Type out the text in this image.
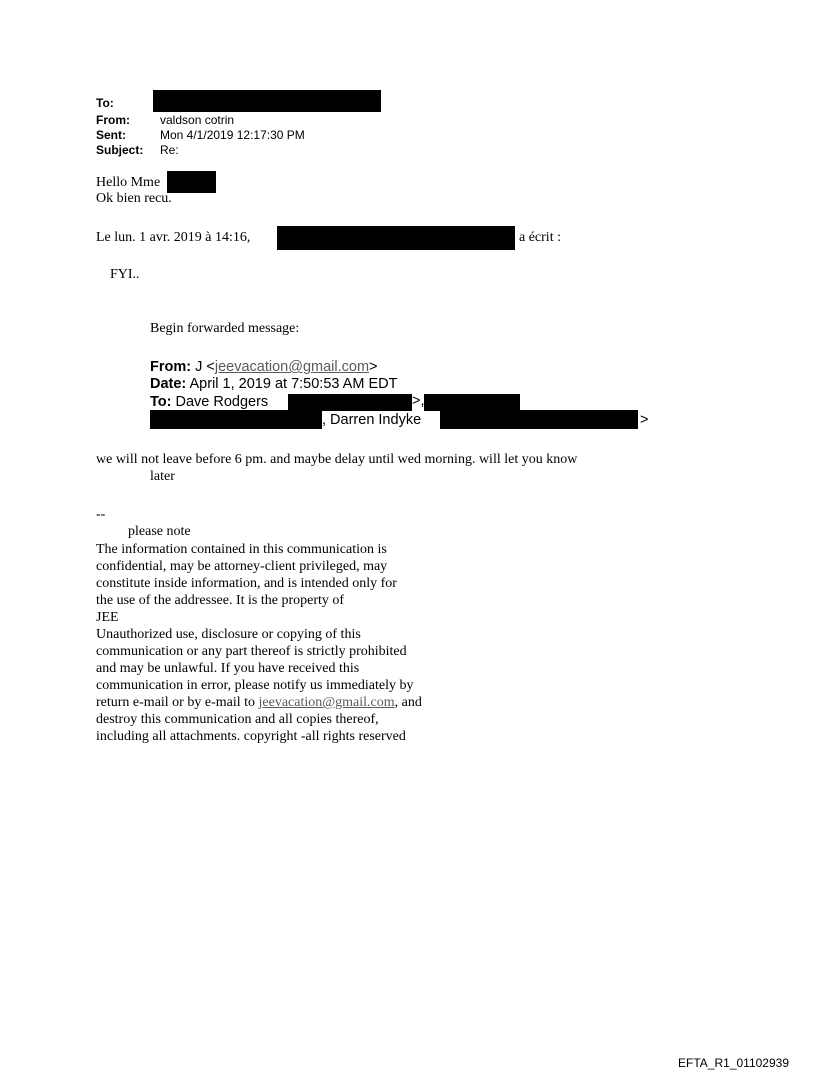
To:
From:	valdson cotrin
Sent:	Mon 4/1/2019 12:17:30 PM
Subject: Re:
Hello Mme
Ok bien recu.
Le lun. 1 avr. 2019 à 14:16,	a écrit :
FYI..
Begin forwarded message:
From: J <jeevacation@gmail.com>
Date: April 1, 2019 at 7:50:53 AM EDT
To: Dave Rodgers	>,
, Darren Indyke	>
we will not leave before 6 pm. and maybe delay until wed morning. will let you know
later
--
please note
The information contained in this communication is
confidential, may be attorney-client privileged, may
constitute inside information, and is intended only for
the use of the addressee. It is the property of
JEE
Unauthorized use, disclosure or copying of this
communication or any part thereof is strictly prohibited
and may be unlawful. If you have received this
communication in error, please notify us immediately by
return e-mail or by e-mail to jeevacation@gmail.com, and
destroy this communication and all copies thereof,
including all attachments. copyright -all rights reserved
EFTA_R1_01102939
